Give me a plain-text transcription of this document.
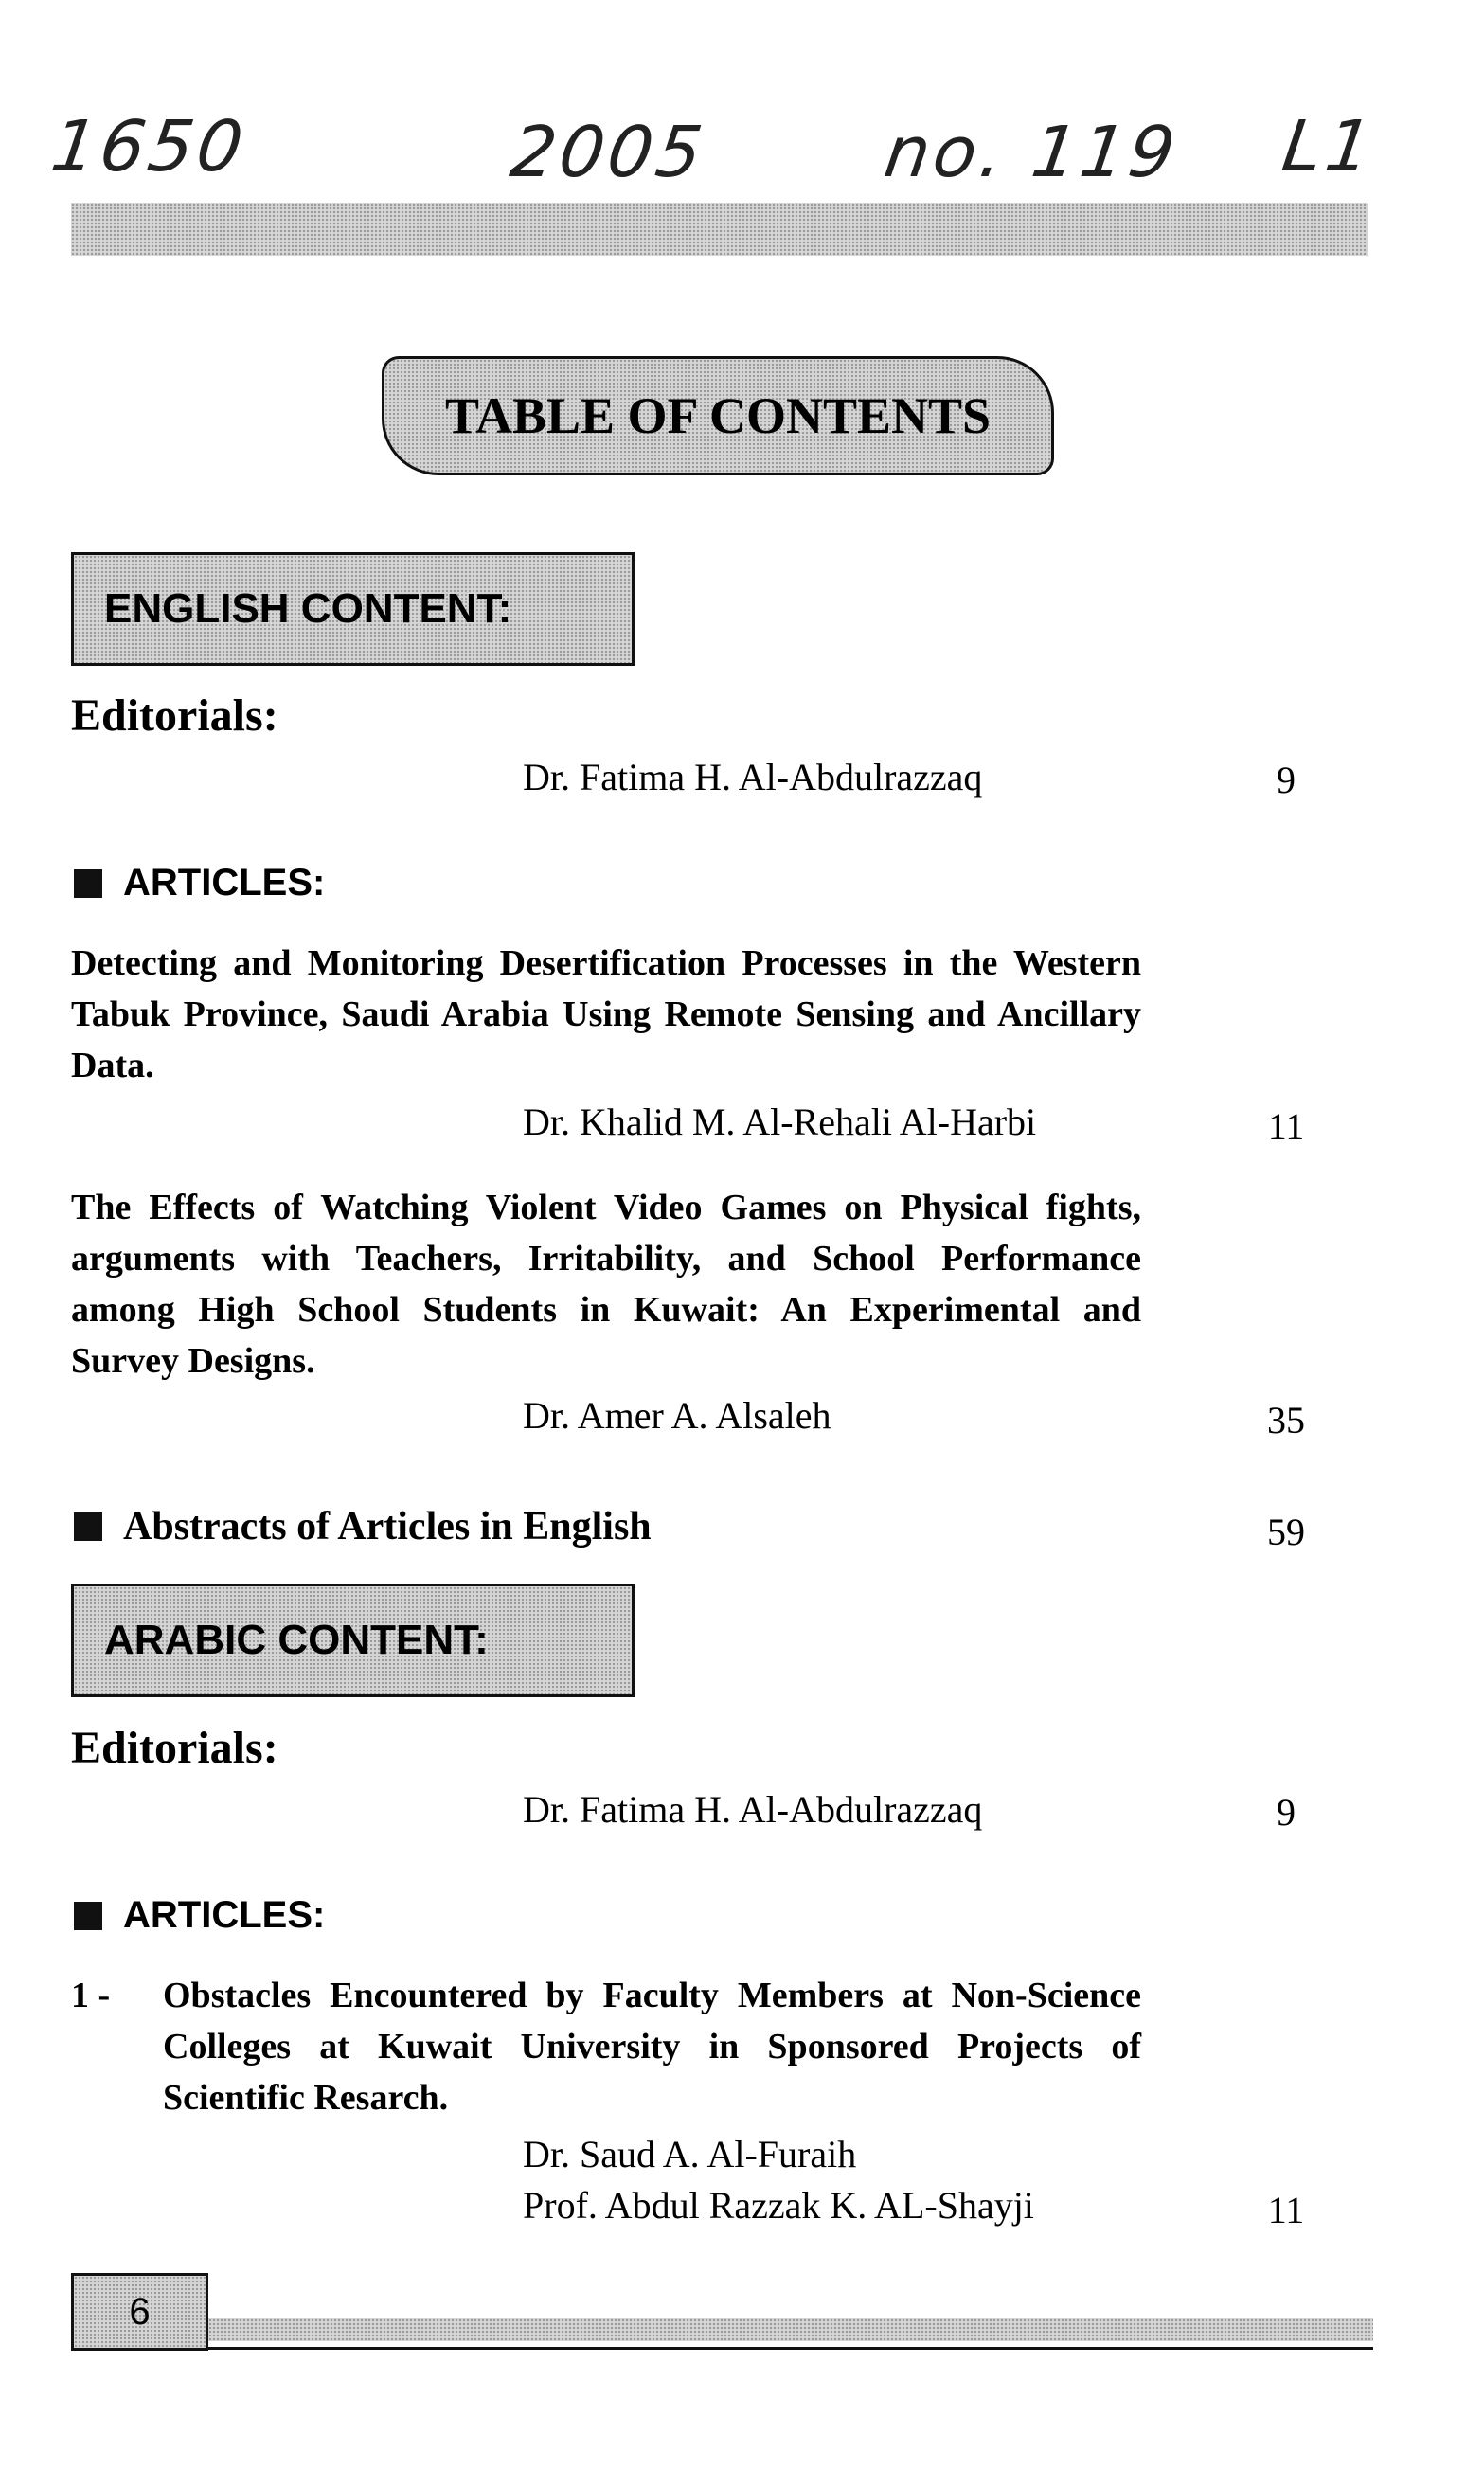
1650	2005 no. 119 L1
TABLE OF CONTENTS
ENGLISH CONTENT:
Editorials:
Dr. Fatima H. Al-Abdulrazzaq	9
ARTICLES:
Detecting and Monitoring Desertification Processes in the Western Tabuk Province, Saudi Arabia Using Remote Sensing and Ancillary Data.
Dr. Khalid M. Al-Rehali Al-Harbi	11
The Effects of Watching Violent Video Games on Physical fights, arguments with Teachers, Irritability, and School Performance among High School Students in Kuwait: An Experimental and Survey Designs.
Dr. Amer A. Alsaleh	35
Abstracts of Articles in English	59
ARABIC CONTENT:
Editorials:
Dr. Fatima H. Al-Abdulrazzaq	9
ARTICLES:
1 - Obstacles Encountered by Faculty Members at Non-Science Colleges at Kuwait University in Sponsored Projects of Scientific Resarch.
Dr. Saud A. Al-Furaih
Prof. Abdul Razzak K. AL-Shayji	11
6
